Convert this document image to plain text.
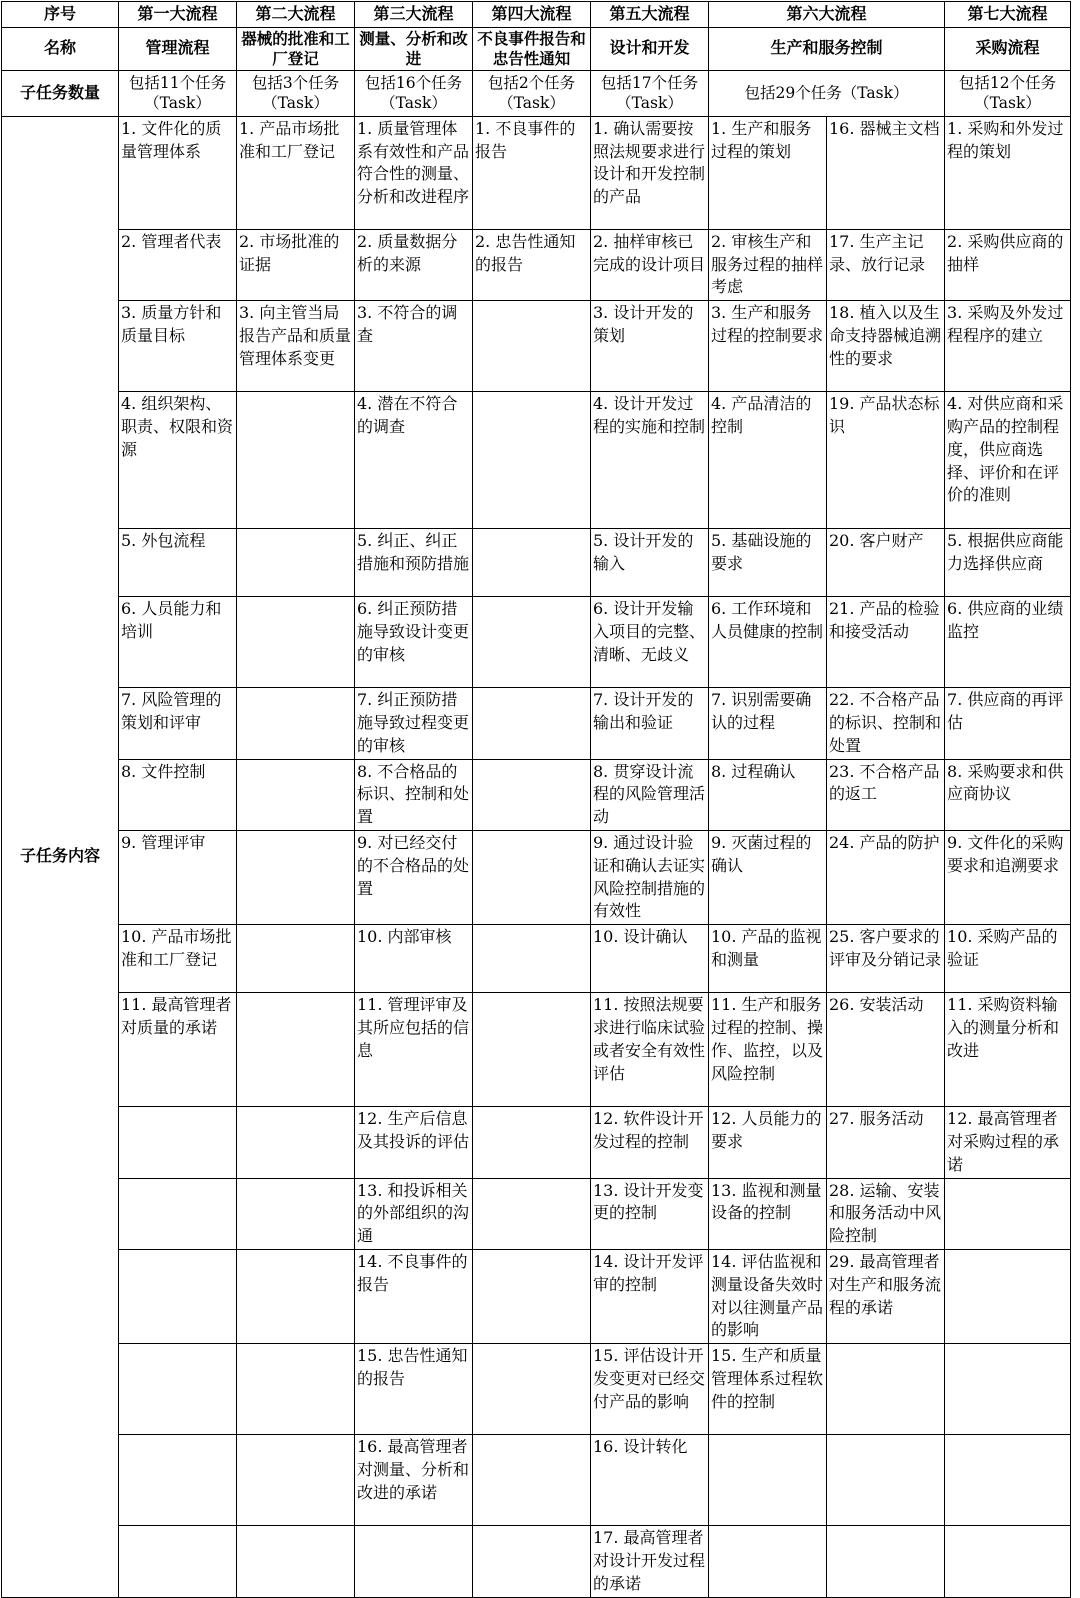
序号	第一大流程	第二大流程	第三大流程	第四大流程	第五大流程	第六大流程		第七大流程
名称	管理流程	器械的批准和工厂登记	测量、分析和改进	不良事件报告和忠告性通知	设计和开发	生产和服务控制		采购流程
子任务数量	包括11个任务（Task）	包括3个任务（Task）	包括16个任务（Task）	包括2个任务（Task）	包括17个任务（Task）	包括29个任务（Task）		包括12个任务（Task）
子任务内容	1. 文件化的质量管理体系	1. 产品市场批准和工厂登记	1. 质量管理体系有效性和产品符合性的测量、分析和改进程序	1. 不良事件的报告	1. 确认需要按照法规要求进行设计和开发控制的产品	1. 生产和服务过程的策划	16. 器械主文档	1. 采购和外发过程的策划
	2. 管理者代表	2. 市场批准的证据	2. 质量数据分析的来源	2. 忠告性通知的报告	2. 抽样审核已完成的设计项目	2. 审核生产和服务过程的抽样考虑	17. 生产主记录、放行记录	2. 采购供应商的抽样
	3. 质量方针和质量目标	3. 向主管当局报告产品和质量管理体系变更	3. 不符合的调查		3. 设计开发的策划	3. 生产和服务过程的控制要求	18. 植入以及生命支持器械追溯性的要求	3. 采购及外发过程程序的建立
	4. 组织架构、职责、权限和资源		4. 潜在不符合的调查		4. 设计开发过程的实施和控制	4. 产品清洁的控制	19. 产品状态标识	4. 对供应商和采购产品的控制程度，供应商选择、评价和在评价的准则
	5. 外包流程		5. 纠正、纠正措施和预防措施		5. 设计开发的输入	5. 基础设施的要求	20. 客户财产	5. 根据供应商能力选择供应商
	6. 人员能力和培训		6. 纠正预防措施导致设计变更的审核		6. 设计开发输入项目的完整、清晰、无歧义	6. 工作环境和人员健康的控制	21. 产品的检验和接受活动	6. 供应商的业绩监控
	7. 风险管理的策划和评审		7. 纠正预防措施导致过程变更的审核		7. 设计开发的输出和验证	7. 识别需要确认的过程	22. 不合格产品的标识、控制和处置	7. 供应商的再评估
	8. 文件控制		8. 不合格品的标识、控制和处置		8. 贯穿设计流程的风险管理活动	8. 过程确认	23. 不合格产品的返工	8. 采购要求和供应商协议
	9. 管理评审		9. 对已经交付的不合格品的处置		9. 通过设计验证和确认去证实风险控制措施的有效性	9. 灭菌过程的确认	24. 产品的防护	9. 文件化的采购要求和追溯要求
	10. 产品市场批准和工厂登记		10. 内部审核		10. 设计确认	10. 产品的监视和测量	25. 客户要求的评审及分销记录	10. 采购产品的验证
	11. 最高管理者对质量的承诺		11. 管理评审及其所应包括的信息		11. 按照法规要求进行临床试验或者安全有效性评估	11. 生产和服务过程的控制、操作、监控，以及风险控制	26. 安装活动	11. 采购资料输入的测量分析和改进
			12. 生产后信息及其投诉的评估		12. 软件设计开发过程的控制	12. 人员能力的要求	27. 服务活动	12. 最高管理者对采购过程的承诺
			13. 和投诉相关的外部组织的沟通		13. 设计开发变更的控制	13. 监视和测量设备的控制	28. 运输、安装和服务活动中风险控制	
			14. 不良事件的报告		14. 设计开发评审的控制	14. 评估监视和测量设备失效时对以往测量产品的影响	29. 最高管理者对生产和服务流程的承诺	
			15. 忠告性通知的报告		15. 评估设计开发变更对已经交付产品的影响	15. 生产和质量管理体系过程软件的控制		
			16. 最高管理者对测量、分析和改进的承诺		16. 设计转化			
					17. 最高管理者对设计开发过程的承诺			
